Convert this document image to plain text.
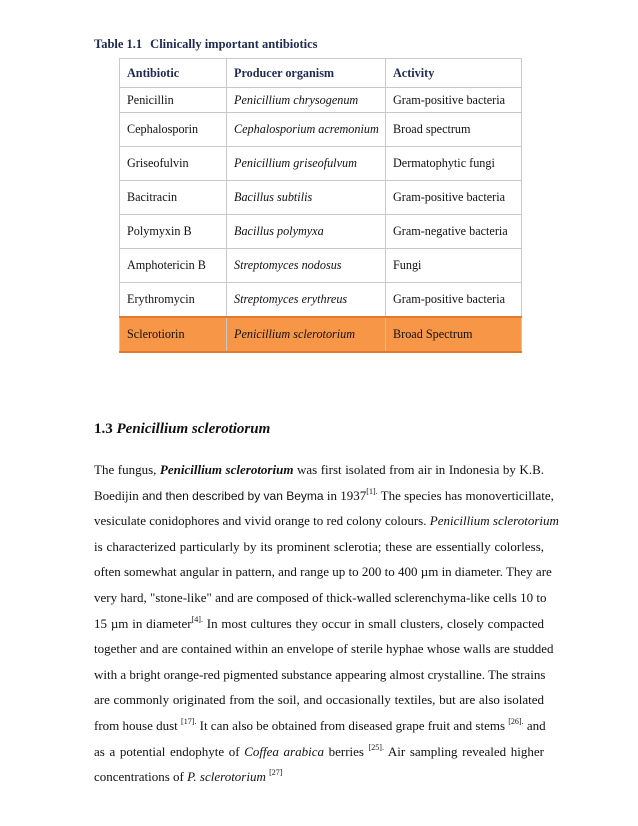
Table 1.1 Clinically important antibiotics
Antibiotic	Producer organism	Activity
Penicillin	Penicillium chrysogenum	Gram-positive bacteria
Cephalosporin	Cephalosporium acremonium	Broad spectrum
Griseofulvin	Penicillium griseofulvum	Dermatophytic fungi
Bacitracin	Bacillus subtilis	Gram-positive bacteria
Polymyxin B	Bacillus polymyxa	Gram-negative bacteria
Amphotericin B	Streptomyces nodosus	Fungi
Erythromycin	Streptomyces erythreus	Gram-positive bacteria
Sclerotiorin	Penicillium sclerotorium	Broad Spectrum
1.3 Penicillium sclerotiorum
The fungus, Penicillium sclerotorium was first isolated from air in Indonesia by K.B.
Boedijin and then described by van Beyma in 1937$^{[1].}$ The species has monoverticillate,
vesiculate conidophores and vivid orange to red colony colours. Penicillium sclerotorium
is characterized particularly by its prominent sclerotia; these are essentially colorless,
often somewhat angular in pattern, and range up to 200 to 400 µm in diameter. They are
very hard, "stone-like" and are composed of thick-walled sclerenchyma-like cells 10 to
15 µm in diameter$^{[4].}$ In most cultures they occur in small clusters, closely compacted
together and are contained within an envelope of sterile hyphae whose walls are studded
with a bright orange-red pigmented substance appearing almost crystalline. The strains
are commonly originated from the soil, and occasionally textiles, but are also isolated
from house dust $^{[17].}$ It can also be obtained from diseased grape fruit and stems $^{[26].}$ and
as a potential endophyte of Coffea arabica berries $^{[25].}$ Air sampling revealed higher
concentrations of P. sclerotorium [27]
